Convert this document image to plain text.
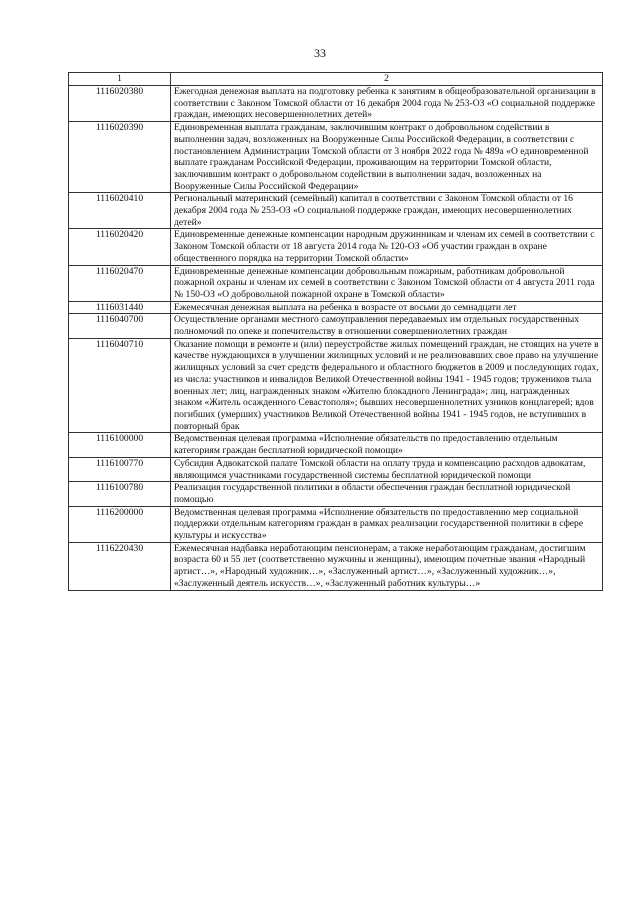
33
1	2
1116020380	Ежегодная денежная выплата на подготовку ребенка к занятиям в общеобразовательной организации в соответствии с Законом Томской области от 16 декабря 2004 года № 253-ОЗ «О социальной поддержке граждан, имеющих несовершеннолетних детей»
1116020390	Единовременная выплата гражданам, заключившим контракт о добровольном содействии в выполнении задач, возложенных на Вооруженные Силы Российской Федерации, в соответствии с постановлением Администрации Томской области от 3 ноября 2022 года № 489а «О единовременной выплате гражданам Российской Федерации, проживающим на территории Томской области, заключившим контракт о добровольном содействии в выполнении задач, возложенных на Вооруженные Силы Российской Федерации»
1116020410	Региональный материнский (семейный) капитал в соответствии с Законом Томской области от 16 декабря 2004 года № 253-ОЗ «О социальной поддержке граждан, имеющих несовершеннолетних детей»
1116020420	Единовременные денежные компенсации народным дружинникам и членам их семей в соответствии с Законом Томской области от 18 августа 2014 года № 120-ОЗ «Об участии граждан в охране общественного порядка на территории Томской области»
1116020470	Единовременные денежные компенсации добровольным пожарным, работникам добровольной пожарной охраны и членам их семей в соответствии с Законом Томской области от 4 августа 2011 года № 150-ОЗ «О добровольной пожарной охране в Томской области»
1116031440	Ежемесячная денежная выплата на ребенка в возрасте от восьми до семнадцати лет
1116040700	Осуществление органами местного самоуправления передаваемых им отдельных государственных полномочий по опеке и попечительству в отношении совершеннолетних граждан
1116040710	Оказание помощи в ремонте и (или) переустройстве жилых помещений граждан, не стоящих на учете в качестве нуждающихся в улучшении жилищных условий и не реализовавших свое право на улучшение жилищных условий за счет средств федерального и областного бюджетов в 2009 и последующих годах, из числа: участников и инвалидов Великой Отечественной войны 1941 - 1945 годов; тружеников тыла военных лет; лиц, награжденных знаком «Жителю блокадного Ленинграда»; лиц, награжденных знаком «Житель осажденного Севастополя»; бывших несовершеннолетних узников концлагерей; вдов погибших (умерших) участников Великой Отечественной войны 1941 - 1945 годов, не вступивших в повторный брак
1116100000	Ведомственная целевая программа «Исполнение обязательств по предоставлению отдельным категориям граждан бесплатной юридической помощи»
1116100770	Субсидия Адвокатской палате Томской области на оплату труда и компенсацию расходов адвокатам, являющимся участниками государственной системы бесплатной юридической помощи
1116100780	Реализация государственной политики в области обеспечения граждан бесплатной юридической помощью
1116200000	Ведомственная целевая программа «Исполнение обязательств по предоставлению мер социальной поддержки отдельным категориям граждан в рамках реализации государственной политики в сфере культуры и искусства»
1116220430	Ежемесячная надбавка неработающим пенсионерам, а также неработающим гражданам, достигшим возраста 60 и 55 лет (соответственно мужчины и женщины), имеющим почетные звания «Народный артист…», «Народный художник…», «Заслуженный артист…», «Заслуженный художник…», «Заслуженный деятель искусств…», «Заслуженный работник культуры…»
